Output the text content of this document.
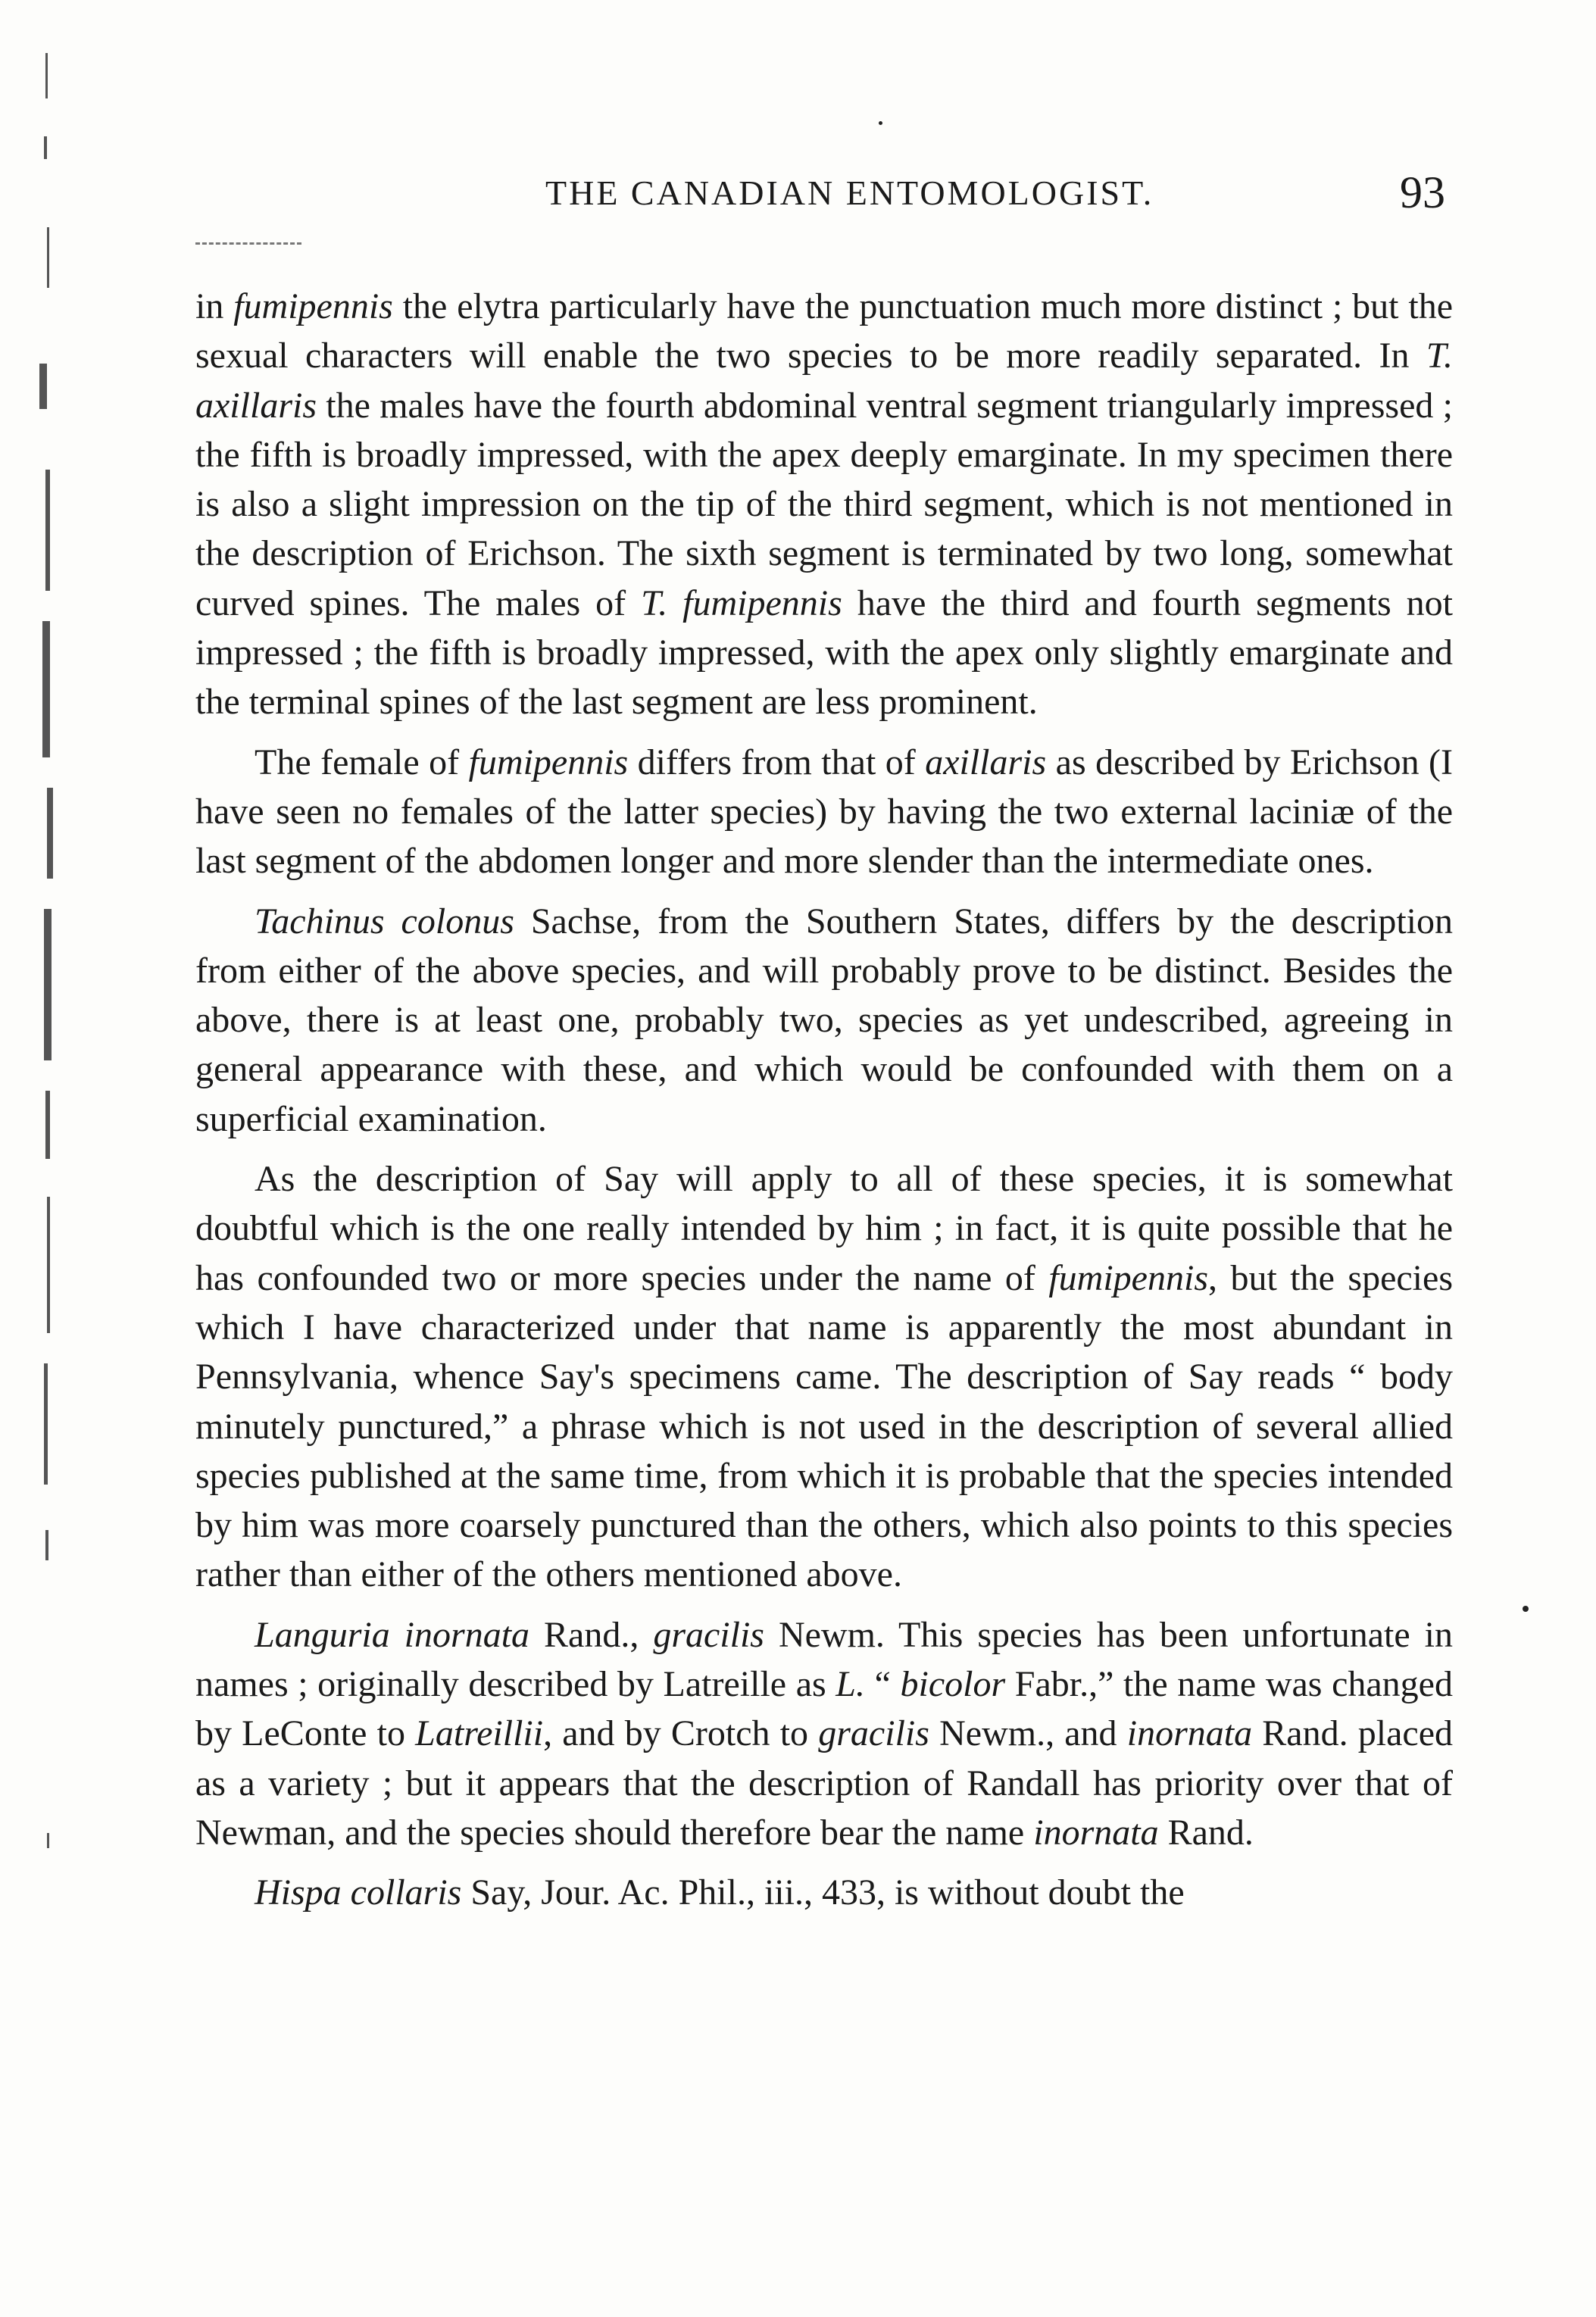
THE CANADIAN ENTOMOLOGIST.	93

in fumipennis the elytra particularly have the punctuation much more distinct ; but the sexual characters will enable the two species to be more readily separated. In T. axillaris the males have the fourth abdominal ventral segment triangularly impressed ; the fifth is broadly impressed, with the apex deeply emarginate. In my specimen there is also a slight impression on the tip of the third segment, which is not mentioned in the description of Erichson. The sixth segment is terminated by two long, somewhat curved spines. The males of T. fumipennis have the third and fourth segments not impressed ; the fifth is broadly impressed, with the apex only slightly emarginate and the terminal spines of the last segment are less prominent.

The female of fumipennis differs from that of axillaris as described by Erichson (I have seen no females of the latter species) by having the two external laciniæ of the last segment of the abdomen longer and more slender than the intermediate ones.

Tachinus colonus Sachse, from the Southern States, differs by the description from either of the above species, and will probably prove to be distinct. Besides the above, there is at least one, probably two, species as yet undescribed, agreeing in general appearance with these, and which would be confounded with them on a superficial examination.

As the description of Say will apply to all of these species, it is somewhat doubtful which is the one really intended by him ; in fact, it is quite possible that he has confounded two or more species under the name of fumipennis, but the species which I have characterized under that name is apparently the most abundant in Pennsylvania, whence Say's specimens came. The description of Say reads “ body minutely punctured,” a phrase which is not used in the description of several allied species published at the same time, from which it is probable that the species intended by him was more coarsely punctured than the others, which also points to this species rather than either of the others mentioned above.

Languria inornata Rand., gracilis Newm. This species has been unfortunate in names ; originally described by Latreille as L. “ bicolor Fabr.,” the name was changed by LeConte to Latreillii, and by Crotch to gracilis Newm., and inornata Rand. placed as a variety ; but it appears that the description of Randall has priority over that of Newman, and the species should therefore bear the name inornata Rand.

Hispa collaris Say, Jour. Ac. Phil., iii., 433, is without doubt the
